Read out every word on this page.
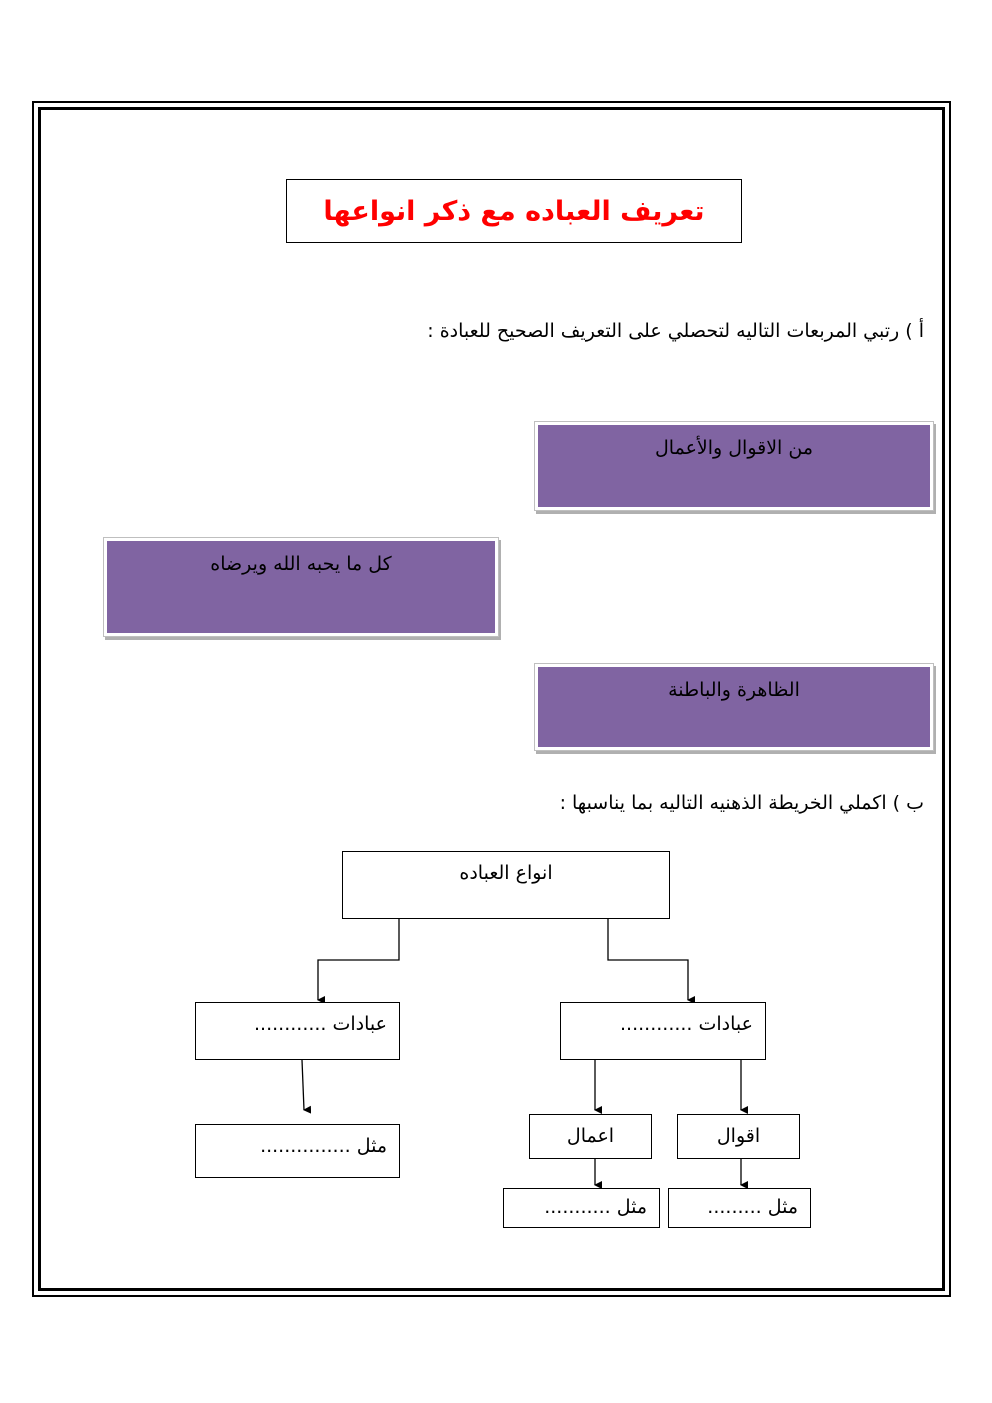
تعريف العباده مع ذكر انواعها
أ ) رتبي المربعات التاليه لتحصلي على التعريف الصحيح للعبادة :
من الاقوال والأعمال
كل ما يحبه الله ويرضاه
الظاهرة والباطنة
ب ) اكملي الخريطة الذهنيه التاليه بما يناسبها :
انواع العباده
عبادات ............	عبادات ............
مثل ...............	اقوال
اعمال
مثل .........
مثل ...........
